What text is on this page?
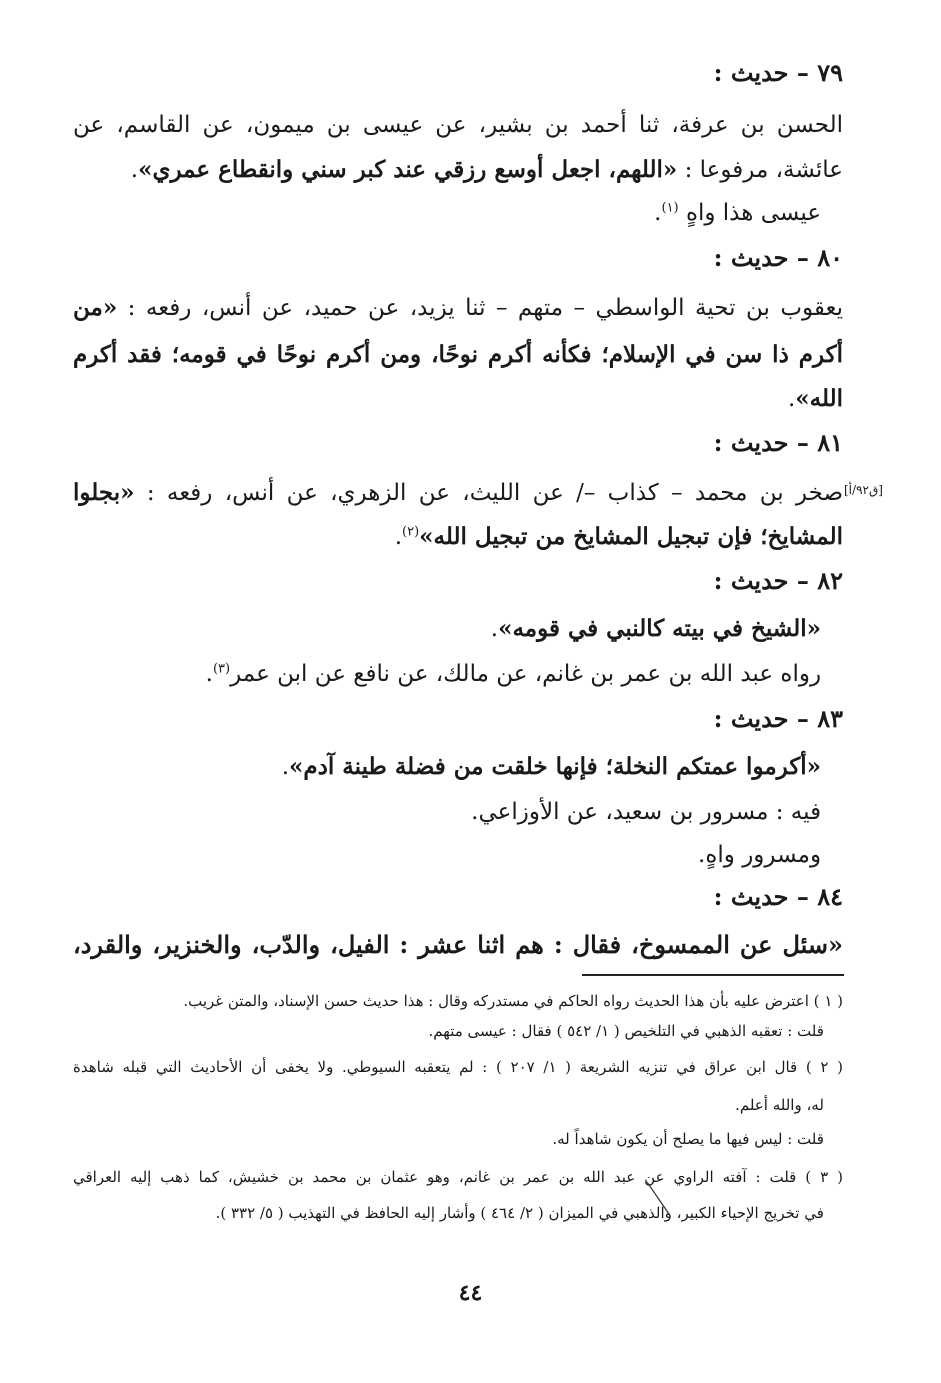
٧٩ – حديث :
الحسن بن عرفة، ثنا أحمد بن بشير، عن عيسى بن ميمون، عن القاسم، عن
عائشة، مرفوعا : «اللهم، اجعل أوسع رزقي عند كبر سني وانقطاع عمري».
عيسى هذا واهٍ $^{(١)}$.
٨٠ – حديث :
يعقوب بن تحية الواسطي – متهم – ثنا يزيد، عن حميد، عن أنس، رفعه : «من
أكرم ذا سن في الإسلام؛ فكأنه أكرم نوحًا، ومن أكرم نوحًا في قومه؛ فقد أكرم
الله».
٨١ – حديث :
[ق٩٢/أ]
صخر بن محمد – كذاب –/ عن الليث، عن الزهري، عن أنس، رفعه : «بجلوا
المشايخ؛ فإن تبجيل المشايخ من تبجيل الله»$^{(٢)}$.
٨٢ – حديث :
«الشيخ في بيته كالنبي في قومه».
رواه عبد الله بن عمر بن غانم، عن مالك، عن نافع عن ابن عمر$^{(٣)}$.
٨٣ – حديث :
«أكرموا عمتكم النخلة؛ فإنها خلقت من فضلة طينة آدم».
فيه : مسرور بن سعيد، عن الأوزاعي.
ومسرور واهٍ.
٨٤ – حديث :
«سئل عن الممسوخ، فقال : هم اثنا عشر : الفيل، والدّب، والخنزير، والقرد،
( ١ ) اعترض عليه بأن هذا الحديث رواه الحاكم في مستدركه وقال : هذا حديث حسن الإسناد، والمتن غريب.
قلت : تعقبه الذهبي في التلخيص ( ١/ ٥٤٢ ) فقال : عيسى متهم.
( ٢ ) قال ابن عراق في تنزيه الشريعة ( ١/ ٢٠٧ ) : لم يتعقبه السيوطي. ولا يخفى أن الأحاديث التي قبله شاهدة
له، والله أعلم.
قلت : ليس فيها ما يصلح أن يكون شاهداً له.
( ٣ ) قلت : آفته الراوي عن عبد الله بن عمر بن غانم، وهو عثمان بن محمد بن خشيش، كما ذهب إليه العراقي
في تخريج الإحياء الكبير، والذهبي في الميزان ( ٢/ ٤٦٤ ) وأشار إليه الحافظ في التهذيب ( ٥/ ٣٣٢ ).
٤٤
